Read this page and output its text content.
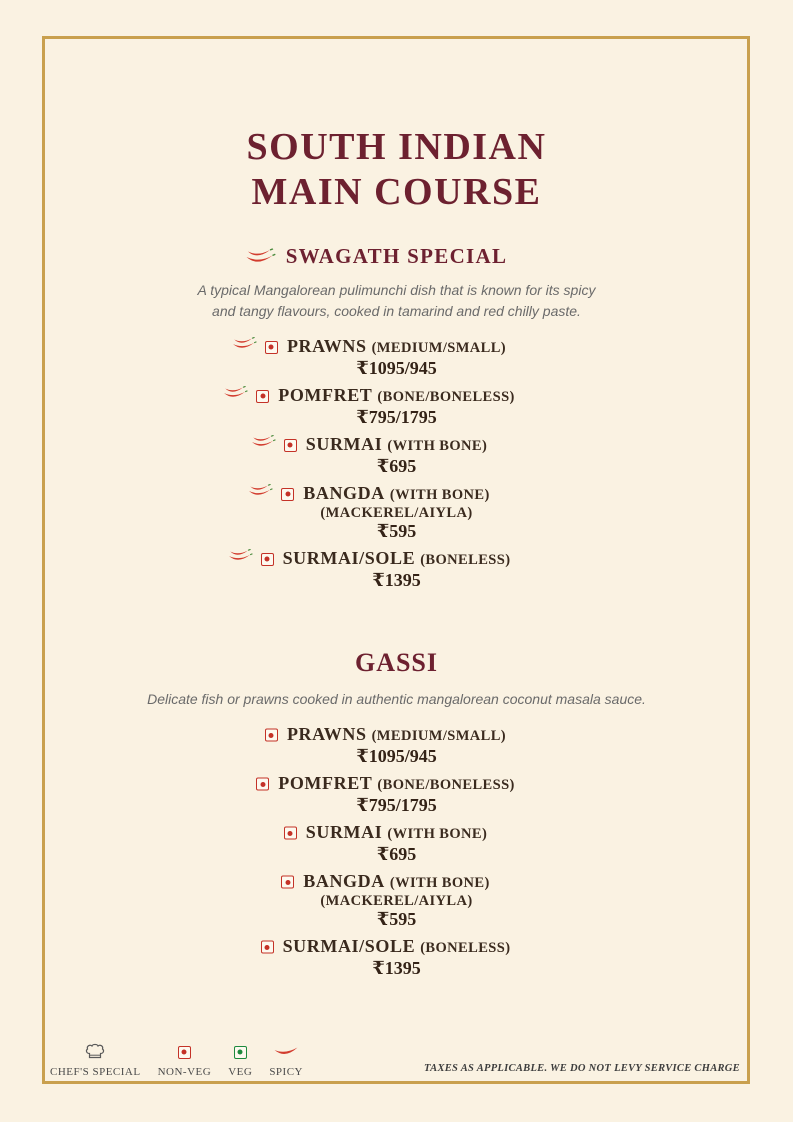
SOUTH INDIAN
MAIN COURSE
SWAGATH SPECIAL

A typical Mangalorean pulimunchi dish that is known for its spicy
and tangy flavours, cooked in tamarind and red chilly paste.

PRAWNS (MEDIUM/SMALL)
₹1095/945
POMFRET (BONE/BONELESS)
₹795/1795
SURMAI (WITH BONE)
₹695
BANGDA (WITH BONE)
(MACKEREL/AIYLA)
₹595
SURMAI/SOLE (BONELESS)
₹1395
GASSI

Delicate fish or prawns cooked in authentic mangalorean coconut masala sauce.

PRAWNS (MEDIUM/SMALL)
₹1095/945
POMFRET (BONE/BONELESS)
₹795/1795
SURMAI (WITH BONE)
₹695
BANGDA (WITH BONE)
(MACKEREL/AIYLA)
₹595
SURMAI/SOLE (BONELESS)
₹1395
CHEF'S SPECIAL NON-VEG VEG SPICY	TAXES AS APPLICABLE. WE DO NOT LEVY SERVICE CHARGE
